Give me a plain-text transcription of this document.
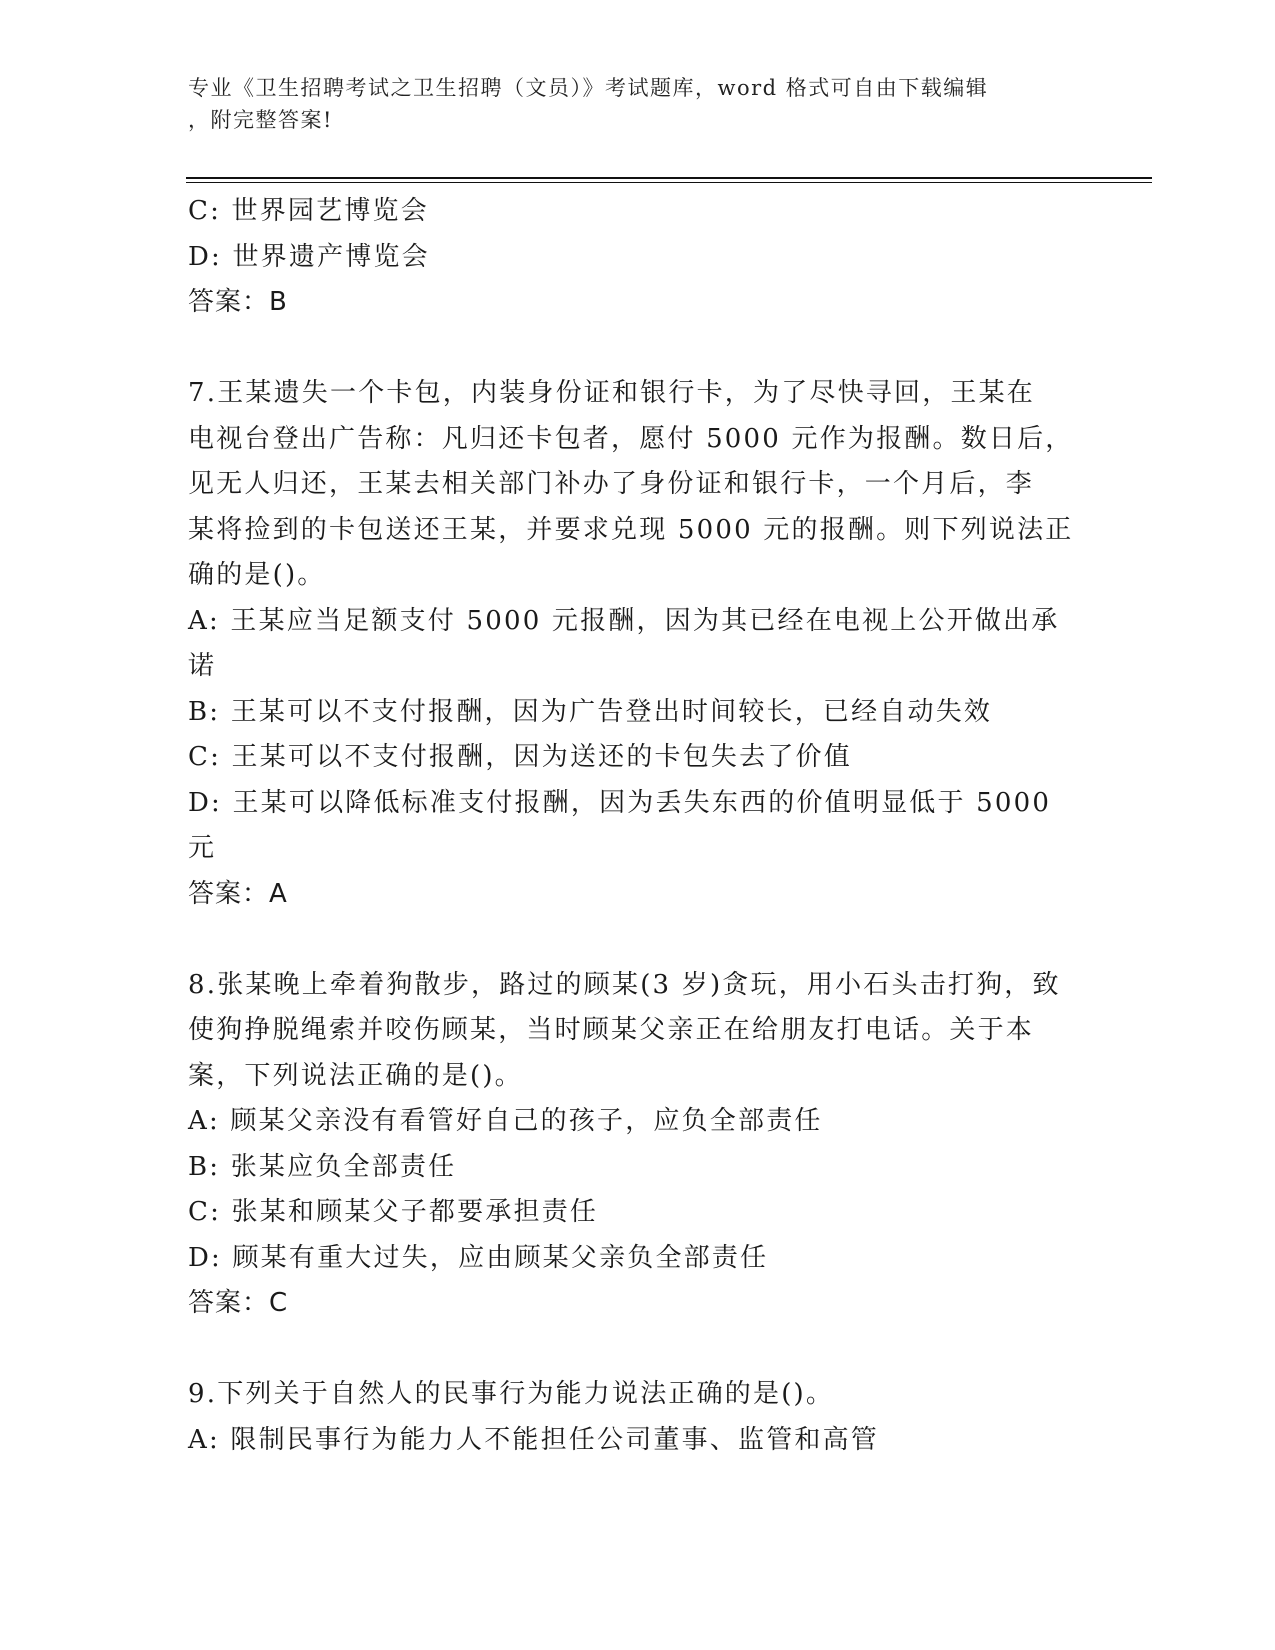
专业《卫生招聘考试之卫生招聘（文员）》考试题库，word 格式可自由下载编辑
，附完整答案!
C: 世界园艺博览会
D: 世界遗产博览会
答案：B
7.王某遗失一个卡包，内装身份证和银行卡，为了尽快寻回，王某在
电视台登出广告称：凡归还卡包者，愿付 5000 元作为报酬。数日后，
见无人归还，王某去相关部门补办了身份证和银行卡，一个月后，李
某将捡到的卡包送还王某，并要求兑现 5000 元的报酬。则下列说法正
确的是()。
A: 王某应当足额支付 5000 元报酬，因为其已经在电视上公开做出承
诺
B: 王某可以不支付报酬，因为广告登出时间较长，已经自动失效
C: 王某可以不支付报酬，因为送还的卡包失去了价值
D: 王某可以降低标准支付报酬，因为丢失东西的价值明显低于 5000
元
答案：A
8.张某晚上牵着狗散步，路过的顾某(3 岁)贪玩，用小石头击打狗，致
使狗挣脱绳索并咬伤顾某，当时顾某父亲正在给朋友打电话。关于本
案，下列说法正确的是()。
A: 顾某父亲没有看管好自己的孩子，应负全部责任
B: 张某应负全部责任
C: 张某和顾某父子都要承担责任
D: 顾某有重大过失，应由顾某父亲负全部责任
答案：C
9.下列关于自然人的民事行为能力说法正确的是()。
A: 限制民事行为能力人不能担任公司董事、监管和高管
